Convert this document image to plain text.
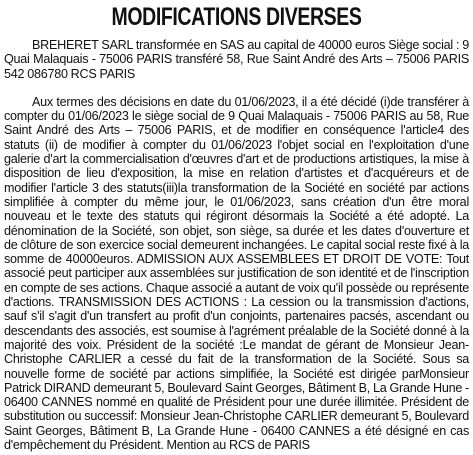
MODIFICATIONS DIVERSES

BREHERET SARL transformée en SAS au capital de 40000 euros Siège social : 9 Quai Malaquais - 75006 PARIS transféré 58, Rue Saint André des Arts – 75006 PARIS 542 086780 RCS PARIS

Aux termes des décisions en date du 01/06/2023, il a été décidé (i)de transférer à compter du 01/06/2023 le siège social de 9 Quai Malaquais - 75006 PARIS au 58, Rue Saint André des Arts – 75006 PARIS, et de modifier en conséquence l'article4 des statuts (ii) de modifier à compter du 01/06/2023 l'objet social en l'exploitation d'une galerie d'art la commercialisation d'œuvres d'art et de productions artistiques, la mise à disposition de lieu d'exposition, la mise en relation d'artistes et d'acquéreurs et de modifier l'article 3 des statuts(iii)la transformation de la Société en société par actions simplifiée à compter du même jour, le 01/06/2023, sans création d'un être moral nouveau et le texte des statuts qui régiront désormais la Société a été adopté. La dénomination de la Société, son objet, son siège, sa durée et les dates d'ouverture et de clôture de son exercice social demeurent inchangées. Le capital social reste fixé à la somme de 40000euros. ADMISSION AUX ASSEMBLEES ET DROIT DE VOTE: Tout associé peut participer aux assemblées sur justification de son identité et de l'inscription en compte de ses actions. Chaque associé a autant de voix qu'il possède ou représente d'actions. TRANSMISSION DES ACTIONS : La cession ou la transmission d'actions, sauf s'il s'agit d'un transfert au profit d'un conjoints, partenaires pacsés, ascendant ou descendants des associés, est soumise à l'agrément préalable de la Société donné à la majorité des voix. Président de la société :Le mandat de gérant de Monsieur Jean-Christophe CARLIER a cessé du fait de la transformation de la Société. Sous sa nouvelle forme de société par actions simplifiée, la Société est dirigée parMonsieur Patrick DIRAND demeurant 5, Boulevard Saint Georges, Bâtiment B, La Grande Hune - 06400 CANNES nommé en qualité de Président pour une durée illimitée. Président de substitution ou successif: Monsieur Jean-Christophe CARLIER demeurant 5, Boulevard Saint Georges, Bâtiment B, La Grande Hune - 06400 CANNES a été désigné en cas d'empêchement du Président. Mention au RCS de PARIS
